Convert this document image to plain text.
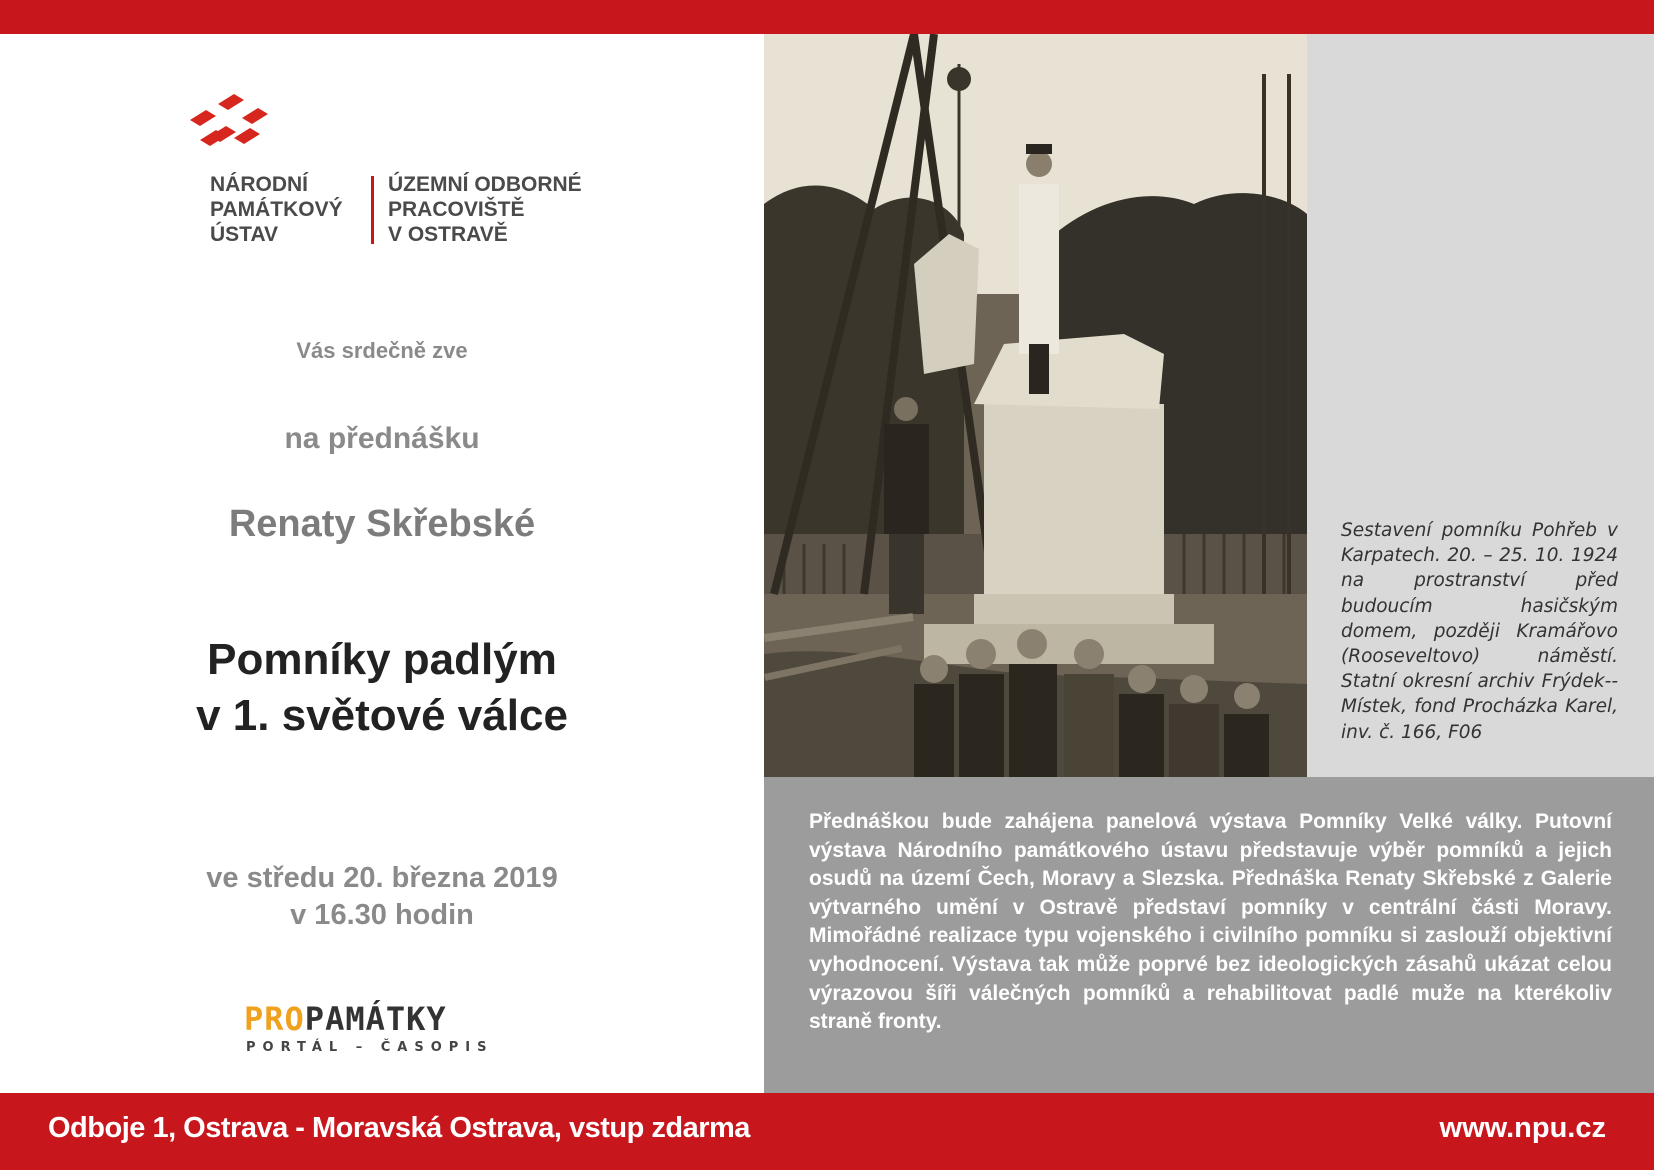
NÁRODNÍ
PAMÁTKOVÝ
ÚSTAV
ÚZEMNÍ ODBORNÉ
PRACOVIŠTĚ
V OSTRAVĚ
Vás srdečně zve
na přednášku
Renaty Skřebské
Pomníky padlým
v 1. světové válce
ve středu 20. března 2019
v 16.30 hodin
PROPAMÁTKY
PORTÁL – ČASOPIS
Sestavení pomníku Pohřeb v Karpatech. 20. – 25. 10. 1924 na prostranství před budoucím hasičským domem, později Kramářovo (Rooseveltovo) náměstí. Statní okresní archiv Frýdek--Místek, fond Procházka Karel, inv. č. 166, F06
Přednáškou bude zahájena panelová výstava Pomníky Velké války. Putovní výstava Národního památkového ústavu představuje výběr pomníků a jejich osudů na území Čech, Moravy a Slezska. Přednáška Renaty Skřebské z Galerie výtvarného umění v Ostravě představí pomníky v centrální části Moravy. Mimořádné realizace typu vojenského i civilního pomníku si zaslouží objektivní vyhodnocení. Výstava tak může poprvé bez ideologických zásahů ukázat celou výrazovou šíři válečných pomníků a rehabilitovat padlé muže na kterékoliv straně fronty.
Odboje 1, Ostrava - Moravská Ostrava, vstup zdarma	www.npu.cz
